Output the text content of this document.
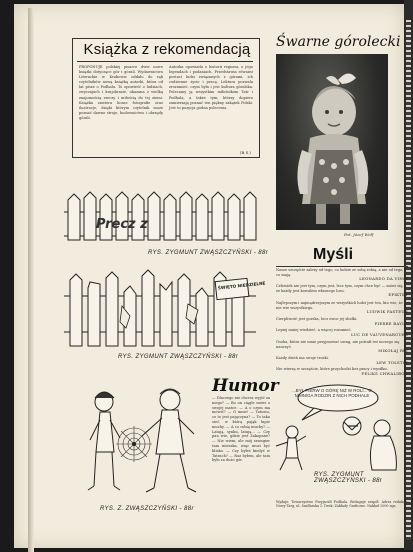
Książka z rekomendacją
PROPONUJE polskiej pisarce dwie nowe książki dotyczące gór i górali. Wydawnictwo Literackie w Krakowie oddało do rąk czytelników nową książkę autorki, która od lat pisze o Podhalu. To opowieść o ludziach, zwyczajach i krajobrazie, ukazana z wielką znajomością rzeczy i miłością do tej ziemi. Książka zawiera liczne fotografie oraz ilustracje, dzięki którym czytelnik może poznać dawne stroje, budownictwo i obrzędy górali.
Autorka opowiada o historii regionu, o jego legendach i podaniach. Przedstawia również postaci ludzi związanych z górami, ich codzienne życie i pracę. Lektura pozwala zrozumieć, czym była i jest kultura góralska. Polecamy ją wszystkim miłośnikom Tatr i Podhala, a także tym, którzy dopiero zamierzają poznać ten piękny zakątek Polski. Jest to pozycja godna polecenia.
(B.S.)
Śwarne górolecki
Fot. Józef Wolf
Precz z
RYS. ZYGMUNT ZWĄSZCZYŃSKI - 88r
ŚWIĘTO NIEDZIELNE
RYS. ZYGMUNT ZWĄSZCZYŃSKI - 88r
Myśli
Nasze szczęście zależy od tego, co ludzie ze sobą robią, a nie od tego, co mają.
LEONARDO DA VINCI
Człowiek nie jest tym, czym jest, lecz tym, czym chce być — mówi się, że każdy jest kowalem własnego losu.
EPIKTET
Najlepszym i najmądrzejszym ze wszystkich ludzi jest ten, kto wie, że nie wie wszystkiego.
LUDWIK PASTEUR
Cierpliwość jest gorzka, lecz owoc jej słodki.
PIERRE BAYLE
Lepiej mniej wiedzieć, a więcej rozumieć.
LUC DE VAUVENARGUES
Osoba, która nie umie przyjmować uwag, nie potrafi też niczego się nauczyć.
MIKOŁAJ REJ
Każdy dzień ma swoje troski.
LEW TOŁSTOJ
Nie wierzę w szczęście, które przychodzi bez pracy i wysiłku.
FELIKS CHWALIBOG
Humor
— Dlaczego nie chcesz wyjść za niego? — Bo on ciągle mówi o swojej matce. — A o czym ma mówić? — O mnie! — Tatusiu, co to jest pajęczyna? — To taka sieć, w którą pająk łapie muchy. — A co robią muchy? — Latają, synku, latają... — Czy pan wie, gdzie jest Zakopane? — Nie wiem, ale mój szwagier tam mieszka, więc musi być blisko. — Czy byłeś kiedyś w Tatrach? — Raz byłem, ale tam było za dużo gór.
RYS. Z. ZWĄSZCZYŃSKI - 88r
...BYŁ PIERW O GÓRĘ NIŻ W ROLI... O NIMNIGA RODZIN Z NICH PODHALE
RYS. ZYGMUNT ZWĄSZCZYŃSKI - 88r
Wydaje: Towarzystwo Przyjaciół Podhala. Redaguje zespół. Adres redakcji: Nowy Targ, ul. Szaflarska 1. Druk: Zakłady Graficzne. Nakład 2000 egz.
